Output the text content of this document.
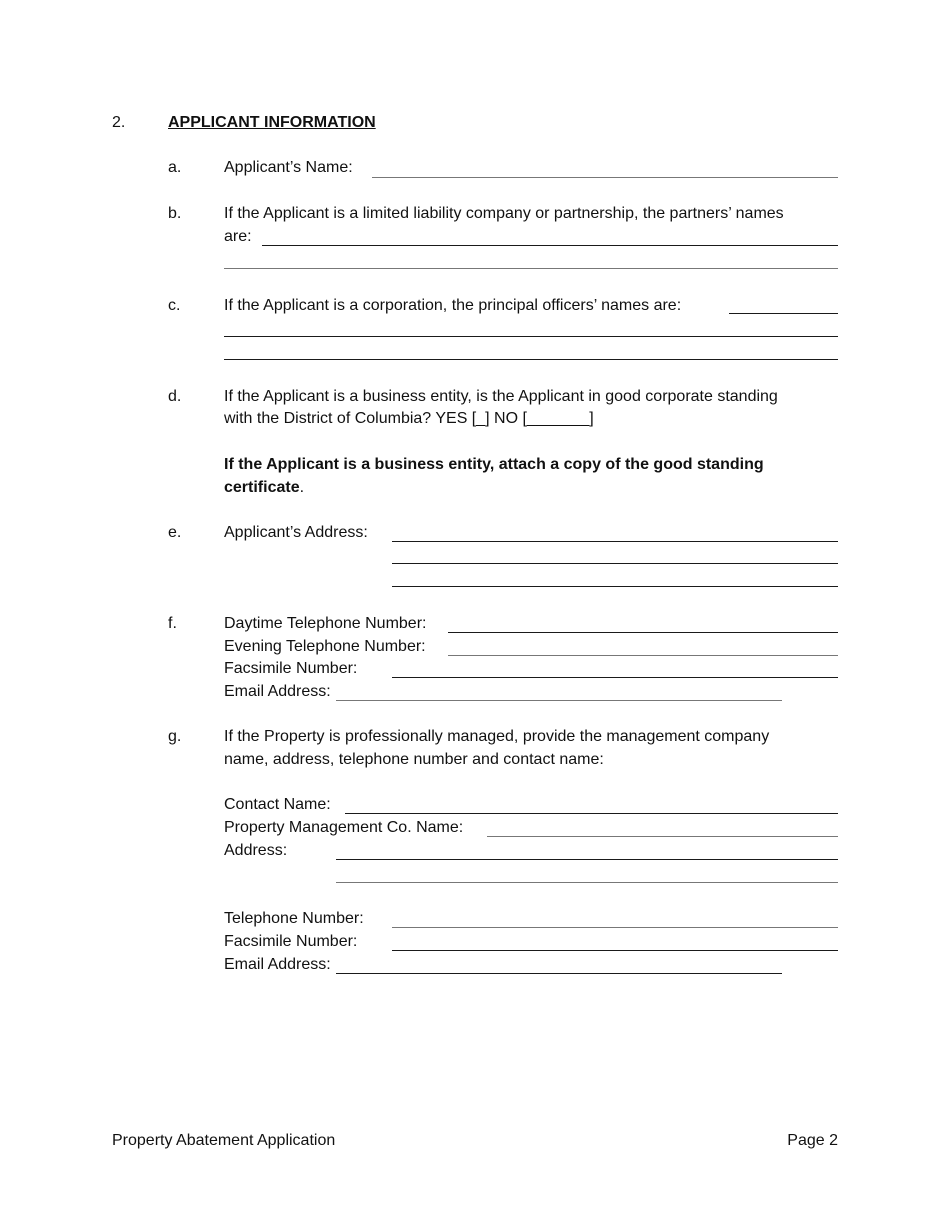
2.	APPLICANT INFORMATION
a.	Applicant’s Name:
b.	If the Applicant is a limited liability company or partnership, the partners’ names
are:
c.	If the Applicant is a corporation, the principal officers’ names are:
d.	If the Applicant is a business entity, is the Applicant in good corporate standing
with the District of Columbia? YES [_] NO [_______]
If the Applicant is a business entity, attach a copy of the good standing
certificate.
e.	Applicant’s Address:
f.	Daytime Telephone Number:
Evening Telephone Number:
Facsimile Number:
Email Address:
g.	If the Property is professionally managed, provide the management company
name, address, telephone number and contact name:
Contact Name:
Property Management Co. Name:
Address:
Telephone Number:
Facsimile Number:
Email Address:
Property Abatement Application	Page 2
